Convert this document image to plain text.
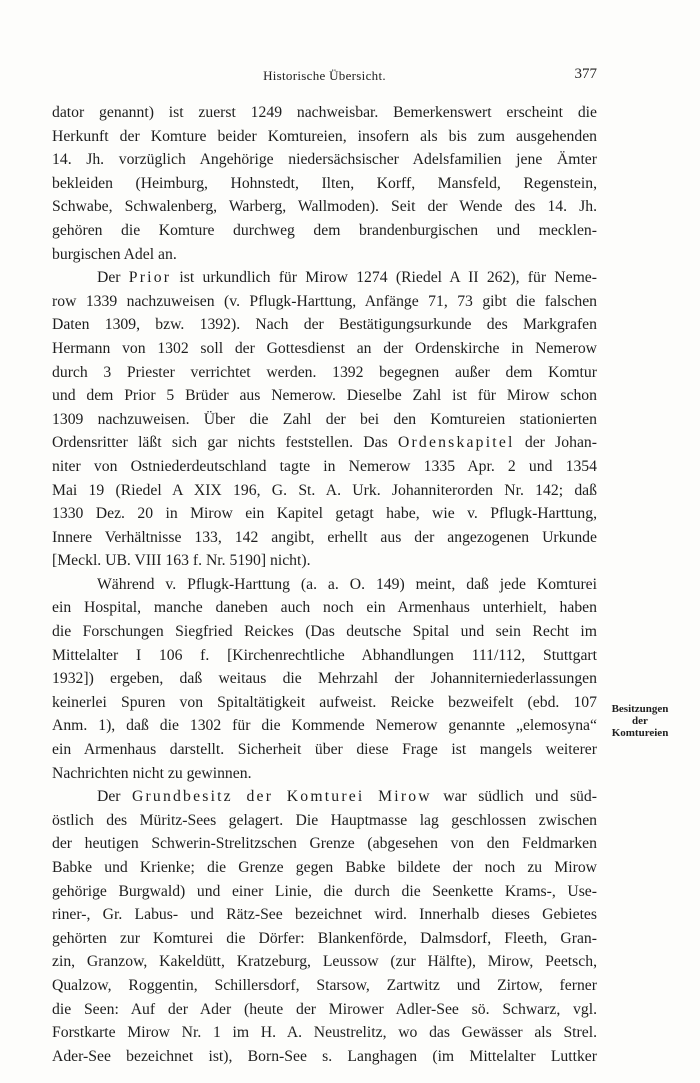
Historische Übersicht.	377
dator genannt) ist zuerst 1249 nachweisbar. Bemerkenswert erscheint die
Herkunft der Komture beider Komtureien, insofern als bis zum ausgehenden
14. Jh. vorzüglich Angehörige niedersächsischer Adelsfamilien jene Ämter
bekleiden (Heimburg, Hohnstedt, Ilten, Korff, Mansfeld, Regenstein,
Schwabe, Schwalenberg, Warberg, Wallmoden). Seit der Wende des 14. Jh.
gehören die Komture durchweg dem brandenburgischen und mecklen-
burgischen Adel an.
Der Prior ist urkundlich für Mirow 1274 (Riedel A II 262), für Neme-
row 1339 nachzuweisen (v. Pflugk-Harttung, Anfänge 71, 73 gibt die falschen
Daten 1309, bzw. 1392). Nach der Bestätigungsurkunde des Markgrafen
Hermann von 1302 soll der Gottesdienst an der Ordenskirche in Nemerow
durch 3 Priester verrichtet werden. 1392 begegnen außer dem Komtur
und dem Prior 5 Brüder aus Nemerow. Dieselbe Zahl ist für Mirow schon
1309 nachzuweisen. Über die Zahl der bei den Komtureien stationierten
Ordensritter läßt sich gar nichts feststellen. Das Ordenskapitel der Johan-
niter von Ostniederdeutschland tagte in Nemerow 1335 Apr. 2 und 1354
Mai 19 (Riedel A XIX 196, G. St. A. Urk. Johanniterorden Nr. 142; daß
1330 Dez. 20 in Mirow ein Kapitel getagt habe, wie v. Pflugk-Harttung,
Innere Verhältnisse 133, 142 angibt, erhellt aus der angezogenen Urkunde
[Meckl. UB. VIII 163 f. Nr. 5190] nicht).
Während v. Pflugk-Harttung (a. a. O. 149) meint, daß jede Komturei
ein Hospital, manche daneben auch noch ein Armenhaus unterhielt, haben
die Forschungen Siegfried Reickes (Das deutsche Spital und sein Recht im
Mittelalter I 106 f. [Kirchenrechtliche Abhandlungen 111/112, Stuttgart
1932]) ergeben, daß weitaus die Mehrzahl der Johanniterniederlassungen
keinerlei Spuren von Spitaltätigkeit aufweist. Reicke bezweifelt (ebd. 107
Anm. 1), daß die 1302 für die Kommende Nemerow genannte „elemosyna“
ein Armenhaus darstellt. Sicherheit über diese Frage ist mangels weiterer
Nachrichten nicht zu gewinnen.
Der Grundbesitz der Komturei Mirow war südlich und süd-
östlich des Müritz-Sees gelagert. Die Hauptmasse lag geschlossen zwischen
der heutigen Schwerin-Strelitzschen Grenze (abgesehen von den Feldmarken
Babke und Krienke; die Grenze gegen Babke bildete der noch zu Mirow
gehörige Burgwald) und einer Linie, die durch die Seenkette Krams-, Use-
riner-, Gr. Labus- und Rätz-See bezeichnet wird. Innerhalb dieses Gebietes
gehörten zur Komturei die Dörfer: Blankenförde, Dalmsdorf, Fleeth, Gran-
zin, Granzow, Kakeldütt, Kratzeburg, Leussow (zur Hälfte), Mirow, Peetsch,
Qualzow, Roggentin, Schillersdorf, Starsow, Zartwitz und Zirtow, ferner
die Seen: Auf der Ader (heute der Mirower Adler-See sö. Schwarz, vgl.
Forstkarte Mirow Nr. 1 im H. A. Neustrelitz, wo das Gewässer als Strel.
Ader-See bezeichnet ist), Born-See s. Langhagen (im Mittelalter Luttker
Besitzungen
der
Komtureien
